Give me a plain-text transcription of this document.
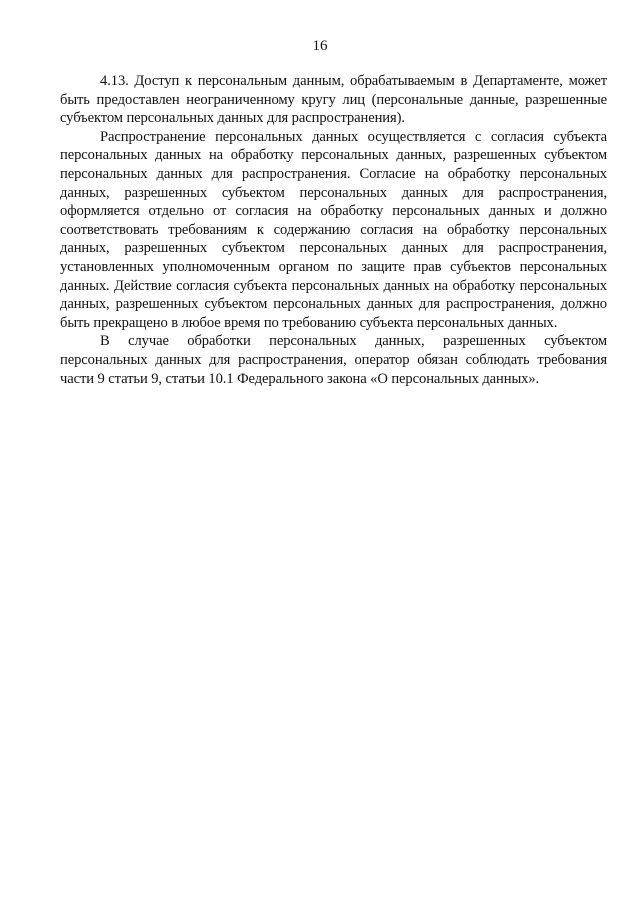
16

4.13. Доступ к персональным данным, обрабатываемым в Департаменте, может быть предоставлен неограниченному кругу лиц (персональные данные, разрешенные субъектом персональных данных для распространения).

Распространение персональных данных осуществляется с согласия субъекта персональных данных на обработку персональных данных, разрешенных субъектом персональных данных для распространения. Согласие на обработку персональных данных, разрешенных субъектом персональных данных для распространения, оформляется отдельно от согласия на обработку персональных данных и должно соответствовать требованиям к содержанию согласия на обработку персональных данных, разрешенных субъектом персональных данных для распространения, установленных уполномоченным органом по защите прав субъектов персональных данных. Действие согласия субъекта персональных данных на обработку персональных данных, разрешенных субъектом персональных данных для распространения, должно быть прекращено в любое время по требованию субъекта персональных данных.

В случае обработки персональных данных, разрешенных субъектом персональных данных для распространения, оператор обязан соблюдать требования части 9 статьи 9, статьи 10.1 Федерального закона «О персональных данных».
